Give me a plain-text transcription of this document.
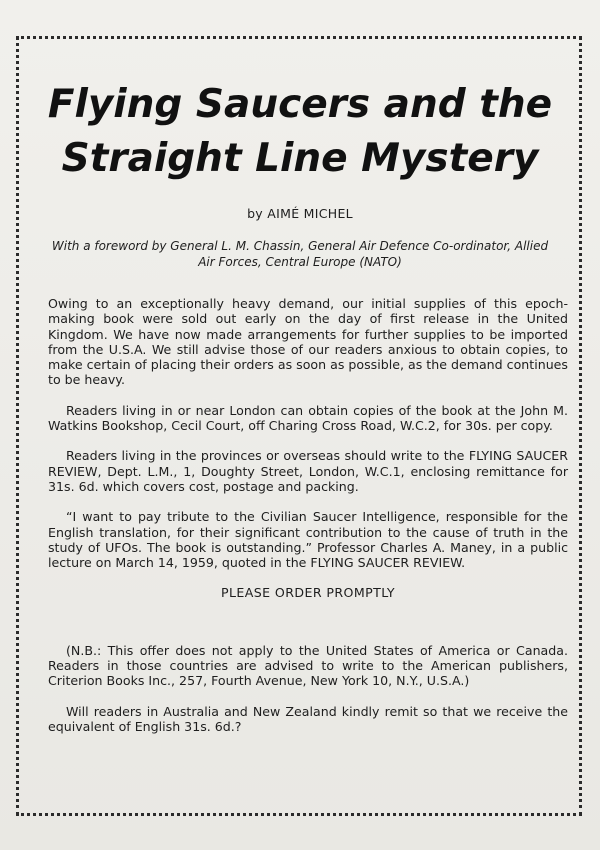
Flying Saucers and the Straight Line Mystery
by AIMÉ MICHEL
With a foreword by General L. M. Chassin, General Air Defence Co-ordinator, Allied Air Forces, Central Europe (NATO)

Owing to an exceptionally heavy demand, our initial supplies of this epoch-making book were sold out early on the day of first release in the United Kingdom. We have now made arrangements for further supplies to be imported from the U.S.A. We still advise those of our readers anxious to obtain copies, to make certain of placing their orders as soon as possible, as the demand continues to be heavy.

Readers living in or near London can obtain copies of the book at the John M. Watkins Bookshop, Cecil Court, off Charing Cross Road, W.C.2, for 30s. per copy.

Readers living in the provinces or overseas should write to the FLYING SAUCER REVIEW, Dept. L.M., 1, Doughty Street, London, W.C.1, enclosing remittance for 31s. 6d. which covers cost, postage and packing.

“I want to pay tribute to the Civilian Saucer Intelligence, responsible for the English translation, for their significant contribution to the cause of truth in the study of UFOs. The book is outstanding.” Professor Charles A. Maney, in a public lecture on March 14, 1959, quoted in the FLYING SAUCER REVIEW.

PLEASE ORDER PROMPTLY

(N.B.: This offer does not apply to the United States of America or Canada. Readers in those countries are advised to write to the American publishers, Criterion Books Inc., 257, Fourth Avenue, New York 10, N.Y., U.S.A.)

Will readers in Australia and New Zealand kindly remit so that we receive the equivalent of English 31s. 6d.?
